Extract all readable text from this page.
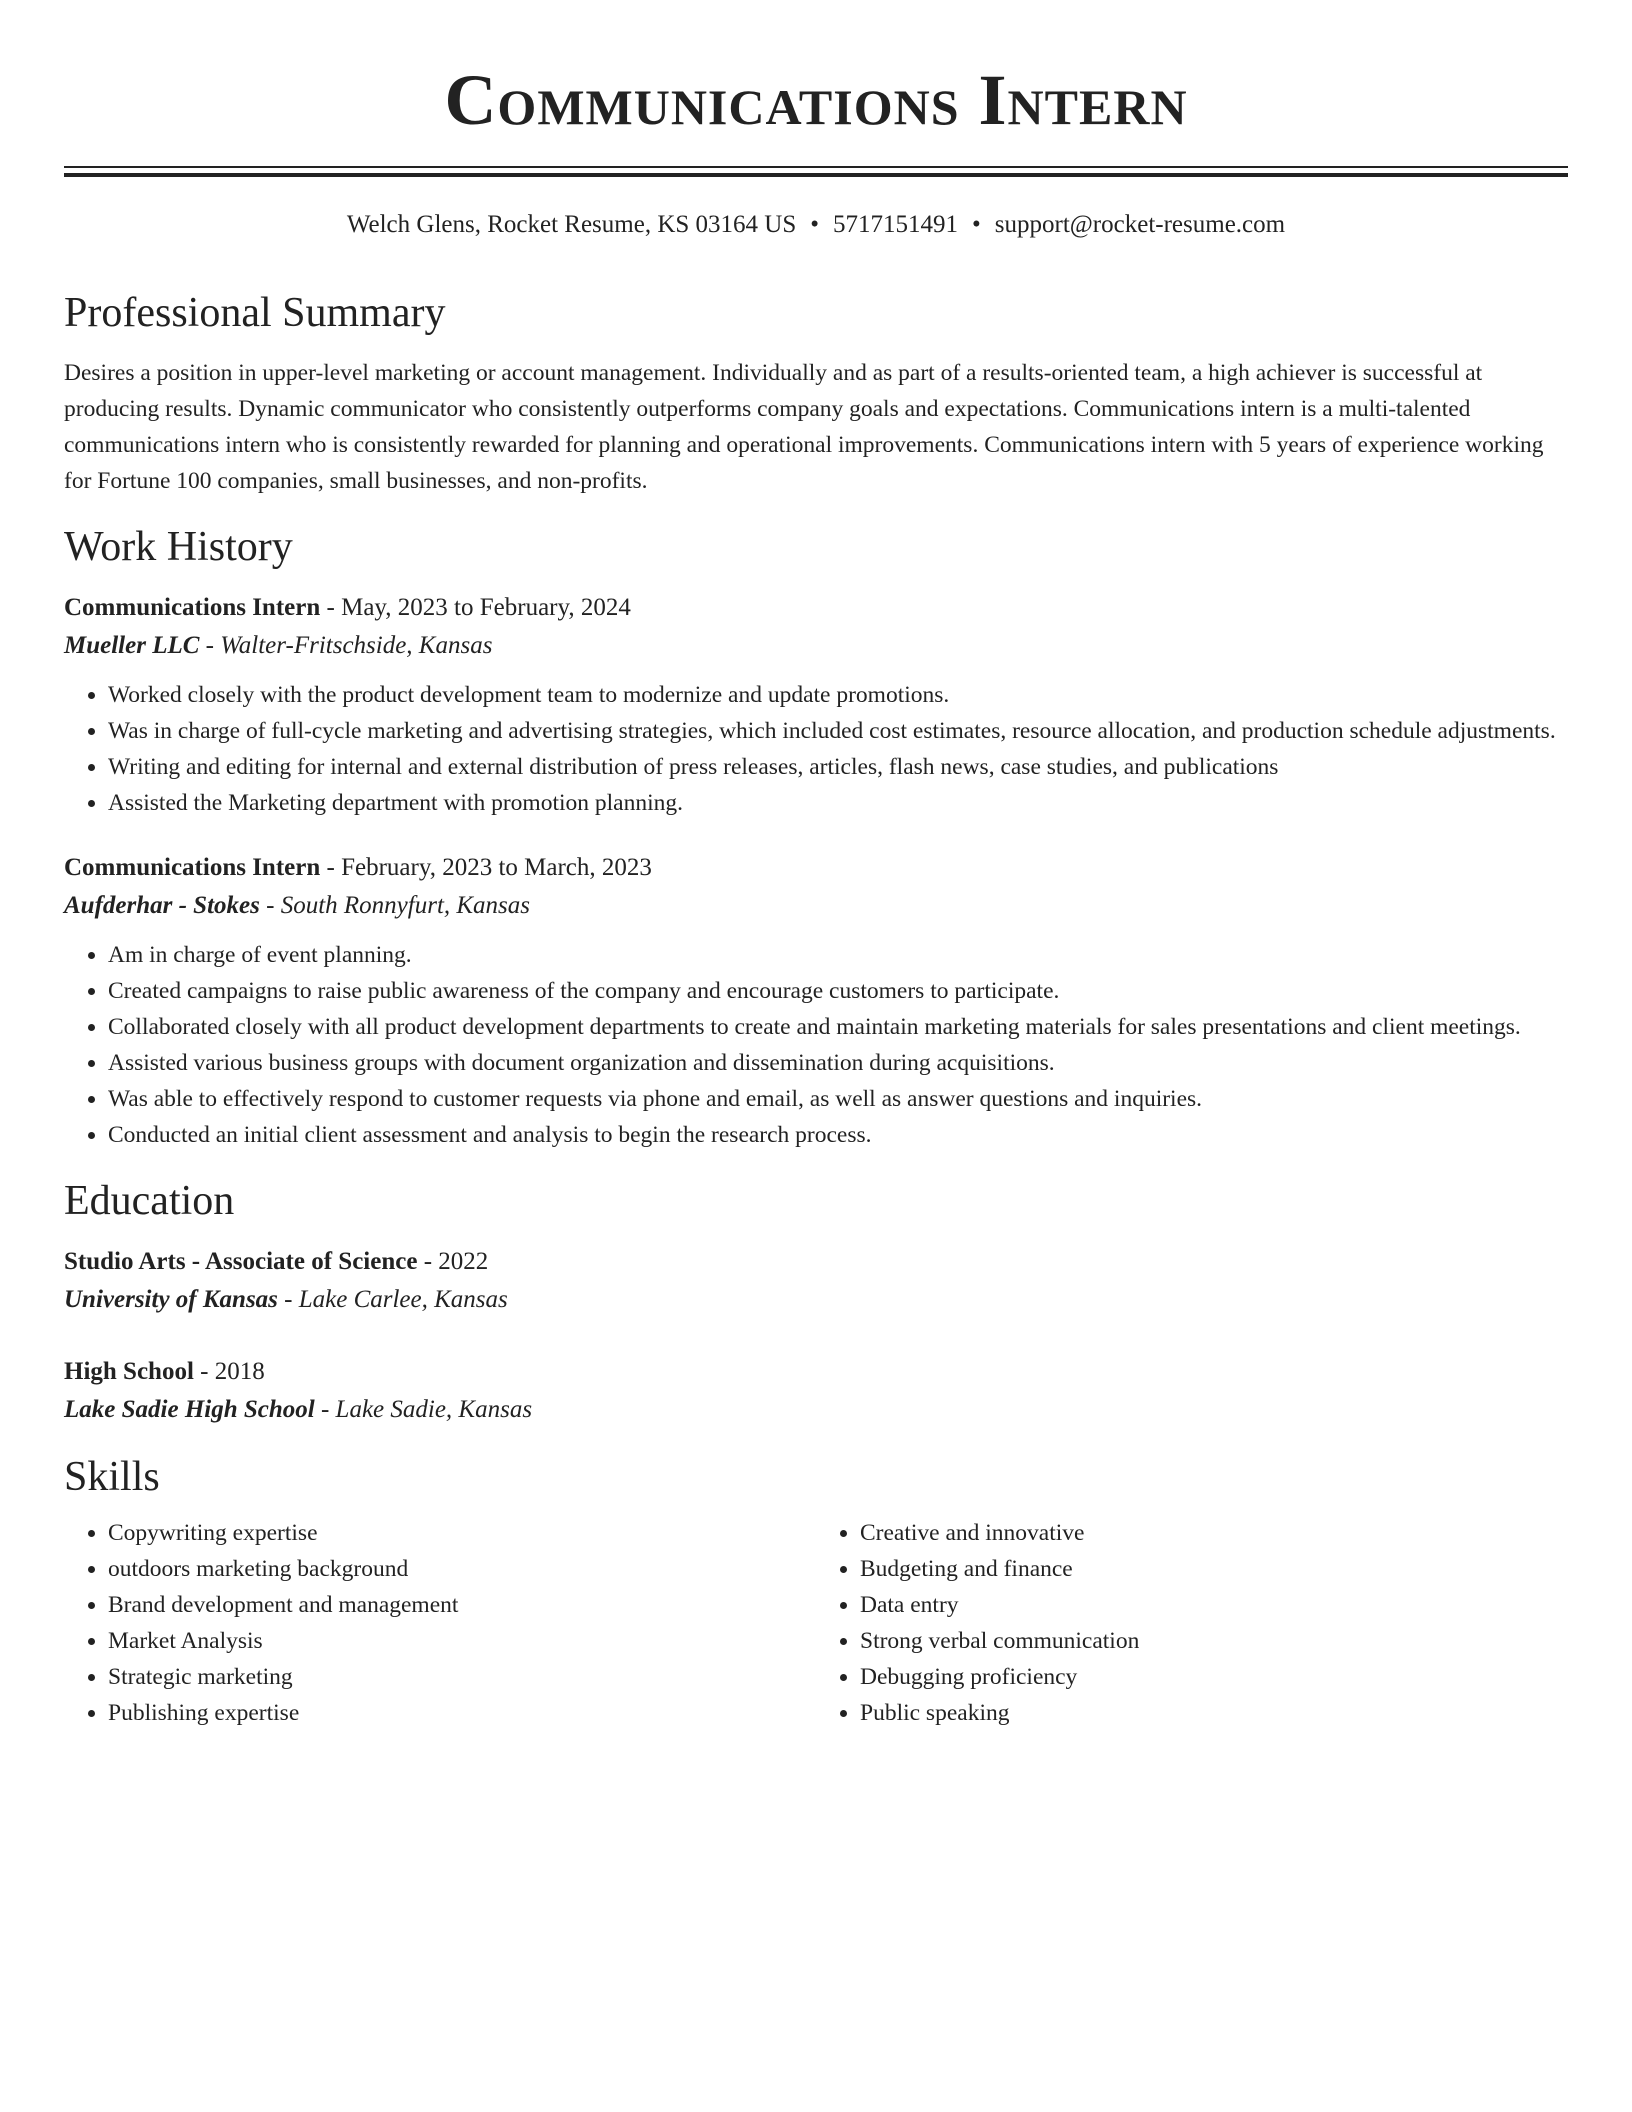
Communications Intern
Welch Glens, Rocket Resume, KS 03164 US • 5717151491 • support@rocket-resume.com
Professional Summary
Desires a position in upper-level marketing or account management. Individually and as part of a results-oriented team, a high achiever is successful at producing results. Dynamic communicator who consistently outperforms company goals and expectations. Communications intern is a multi-talented communications intern who is consistently rewarded for planning and operational improvements. Communications intern with 5 years of experience working for Fortune 100 companies, small businesses, and non-profits.
Work History
Communications Intern - May, 2023 to February, 2024
Mueller LLC - Walter-Fritschside, Kansas
• Worked closely with the product development team to modernize and update promotions.
• Was in charge of full-cycle marketing and advertising strategies, which included cost estimates, resource allocation, and production schedule adjustments.
• Writing and editing for internal and external distribution of press releases, articles, flash news, case studies, and publications
• Assisted the Marketing department with promotion planning.
Communications Intern - February, 2023 to March, 2023
Aufderhar - Stokes - South Ronnyfurt, Kansas
• Am in charge of event planning.
• Created campaigns to raise public awareness of the company and encourage customers to participate.
• Collaborated closely with all product development departments to create and maintain marketing materials for sales presentations and client meetings.
• Assisted various business groups with document organization and dissemination during acquisitions.
• Was able to effectively respond to customer requests via phone and email, as well as answer questions and inquiries.
• Conducted an initial client assessment and analysis to begin the research process.
Education
Studio Arts - Associate of Science - 2022
University of Kansas - Lake Carlee, Kansas
High School - 2018
Lake Sadie High School - Lake Sadie, Kansas
Skills
• Copywriting expertise
• outdoors marketing background
• Brand development and management
• Market Analysis
• Strategic marketing
• Publishing expertise
• Creative and innovative
• Budgeting and finance
• Data entry
• Strong verbal communication
• Debugging proficiency
• Public speaking
